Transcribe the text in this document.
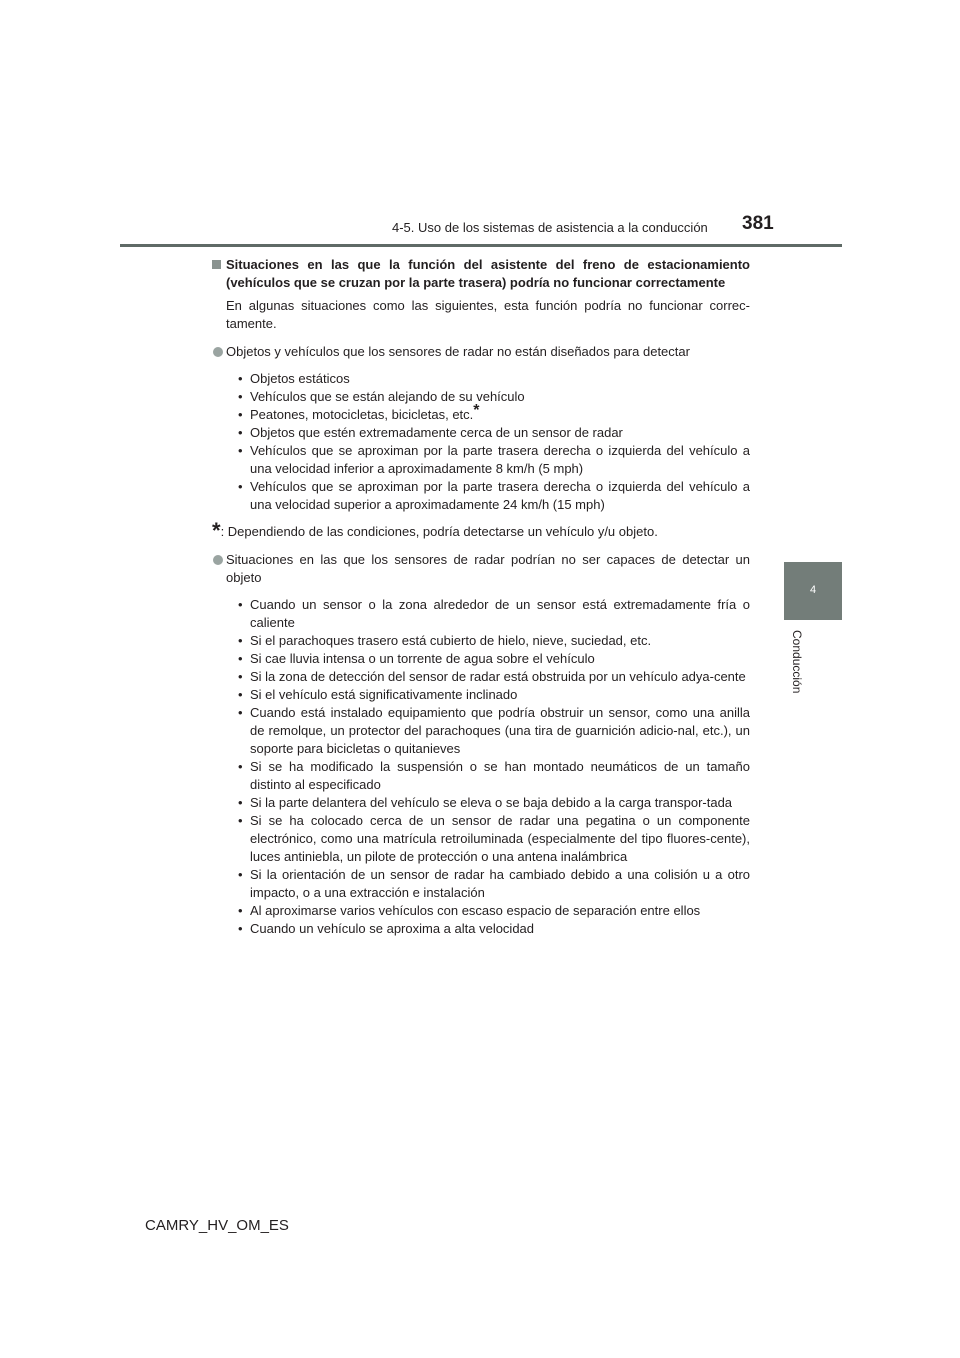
4-5. Uso de los sistemas de asistencia a la conducción 381
4
Conducción
Situaciones en las que la función del asistente del freno de estacionamiento (vehículos que se cruzan por la parte trasera) podría no funcionar correctamente
En algunas situaciones como las siguientes, esta función podría no funcionar correc-tamente.
Objetos y vehículos que los sensores de radar no están diseñados para detectar
• Objetos estáticos
• Vehículos que se están alejando de su vehículo
• Peatones, motocicletas, bicicletas, etc.*
• Objetos que estén extremadamente cerca de un sensor de radar
• Vehículos que se aproximan por la parte trasera derecha o izquierda del vehículo a una velocidad inferior a aproximadamente 8 km/h (5 mph)
• Vehículos que se aproximan por la parte trasera derecha o izquierda del vehículo a una velocidad superior a aproximadamente 24 km/h (15 mph)
*: Dependiendo de las condiciones, podría detectarse un vehículo y/u objeto.
Situaciones en las que los sensores de radar podrían no ser capaces de detectar un objeto
• Cuando un sensor o la zona alrededor de un sensor está extremadamente fría o caliente
• Si el parachoques trasero está cubierto de hielo, nieve, suciedad, etc.
• Si cae lluvia intensa o un torrente de agua sobre el vehículo
• Si la zona de detección del sensor de radar está obstruida por un vehículo adya-cente
• Si el vehículo está significativamente inclinado
• Cuando está instalado equipamiento que podría obstruir un sensor, como una anilla de remolque, un protector del parachoques (una tira de guarnición adicio-nal, etc.), un soporte para bicicletas o quitanieves
• Si se ha modificado la suspensión o se han montado neumáticos de un tamaño distinto al especificado
• Si la parte delantera del vehículo se eleva o se baja debido a la carga transpor-tada
• Si se ha colocado cerca de un sensor de radar una pegatina o un componente electrónico, como una matrícula retroiluminada (especialmente del tipo fluores-cente), luces antiniebla, un pilote de protección o una antena inalámbrica
• Si la orientación de un sensor de radar ha cambiado debido a una colisión u a otro impacto, o a una extracción e instalación
• Al aproximarse varios vehículos con escaso espacio de separación entre ellos
• Cuando un vehículo se aproxima a alta velocidad
CAMRY_HV_OM_ES
